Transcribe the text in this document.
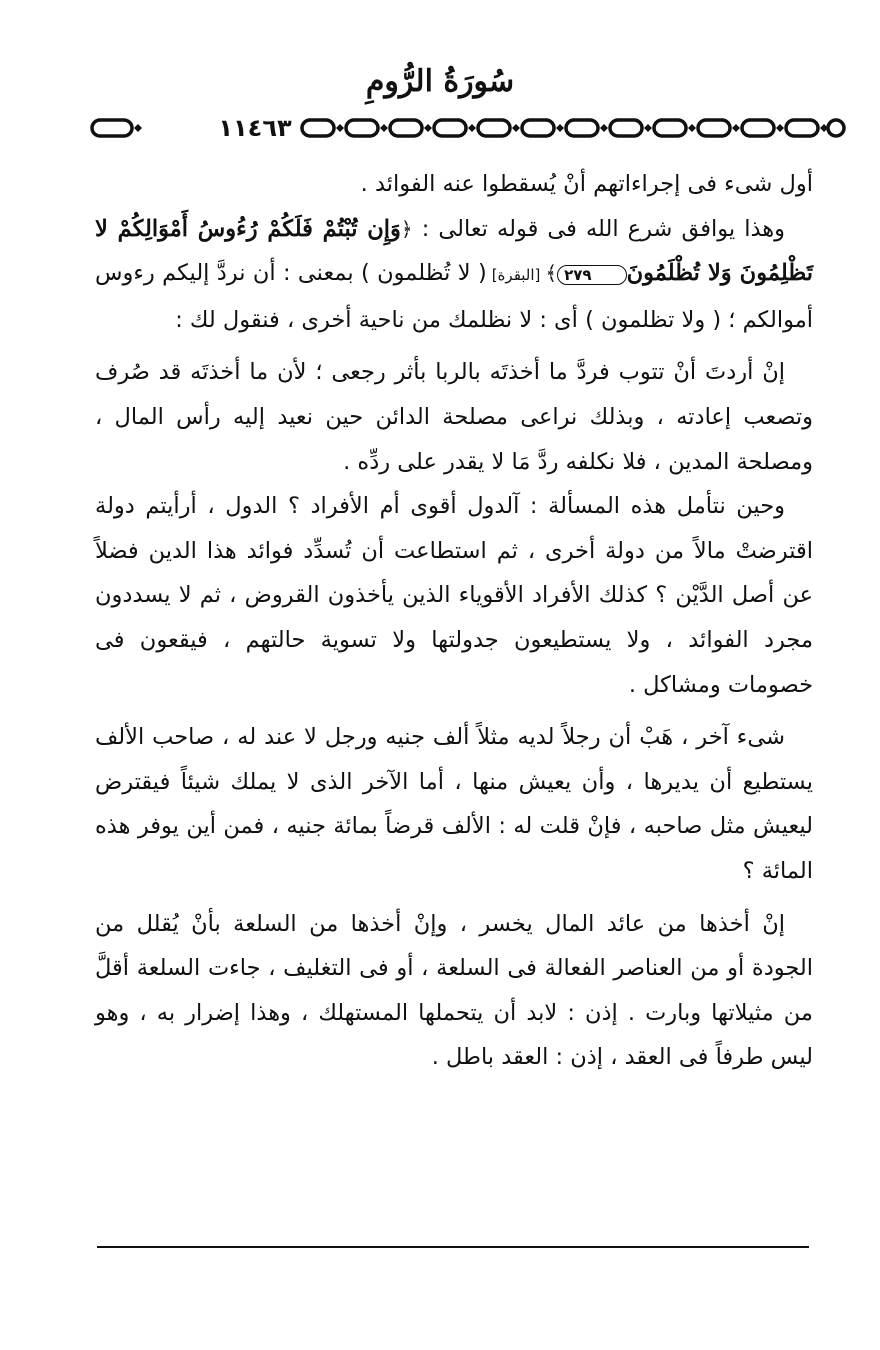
سُورَةُ الرُّومِ
١١٤٦٣

أول شىء فى إجراءاتهم أنْ يُسقطوا عنه الفوائد .

وهذا يوافق شرع الله فى قوله تعالى : ﴿وَإِن تُبْتُمْ فَلَكُمْ رُءُوسُ أَمْوَالِكُمْ لا تَظْلِمُونَ وَلا تُظْلَمُونَ٢٧٩﴾ [البقرة] ( لا تُظلمون ) بمعنى : أن نردَّ إليكم رءوس أموالكم ؛ ( ولا تظلمون ) أى : لا نظلمك من ناحية أخرى ، فنقول لك :

إنْ أردتَ أنْ تتوب فردَّ ما أخذتَه بالربا بأثر رجعى ؛ لأن ما أخذتَه قد صُرف وتصعب إعادته ، وبذلك نراعى مصلحة الدائن حين نعيد إليه رأس المال ، ومصلحة المدين ، فلا نكلفه ردَّ مَا لا يقدر على ردِّه .

وحين نتأمل هذه المسألة : آلدول أقوى أم الأفراد ؟ الدول ، أرأيتم دولة اقترضتْ مالاً من دولة أخرى ، ثم استطاعت أن تُسدِّد فوائد هذا الدين فضلاً عن أصل الدَّيْن ؟ كذلك الأفراد الأقوياء الذين يأخذون القروض ، ثم لا يسددون مجرد الفوائد ، ولا يستطيعون جدولتها ولا تسوية حالتهم ، فيقعون فى خصومات ومشاكل .

شىء آخر ، هَبْ أن رجلاً لديه مثلاً ألف جنيه ورجل لا عند له ، صاحب الألف يستطيع أن يديرها ، وأن يعيش منها ، أما الآخر الذى لا يملك شيئاً فيقترض ليعيش مثل صاحبه ، فإنْ قلت له : الألف قرضاً بمائة جنيه ، فمن أين يوفر هذه المائة ؟

إنْ أخذها من عائد المال يخسر ، وإنْ أخذها من السلعة بأنْ يُقلل من الجودة أو من العناصر الفعالة فى السلعة ، أو فى التغليف ، جاءت السلعة أقلَّ من مثيلاتها وبارت . إذن : لابد أن يتحملها المستهلك ، وهذا إضرار به ، وهو ليس طرفاً فى العقد ، إذن : العقد باطل .
